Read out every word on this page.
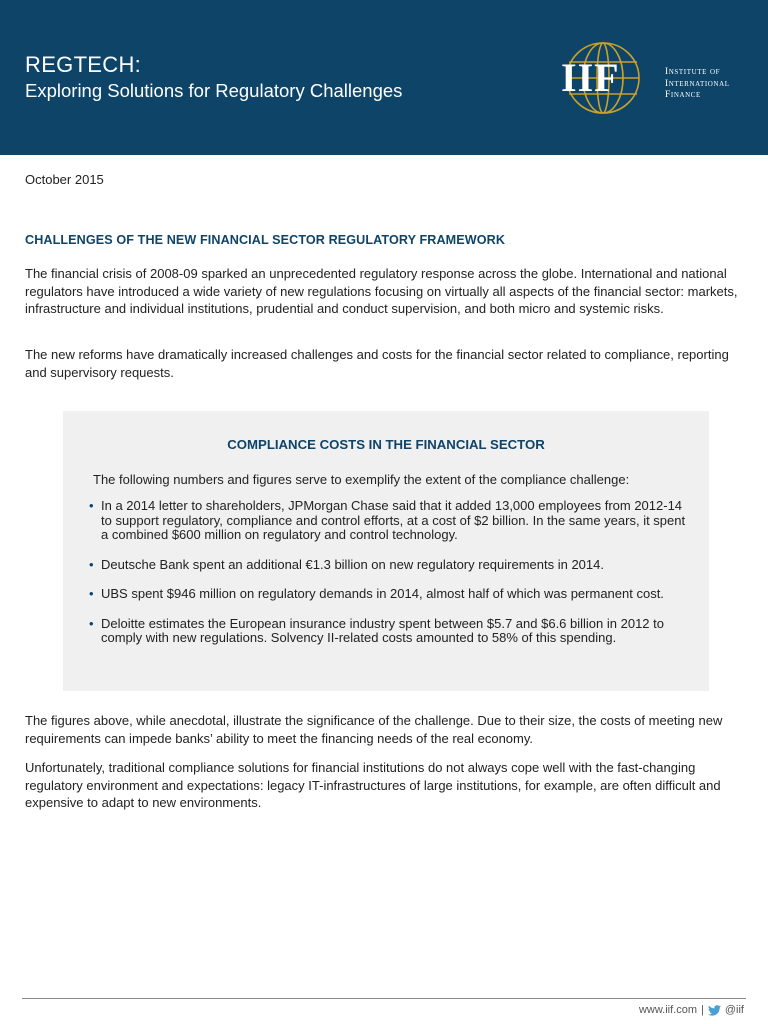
REGTECH:
Exploring Solutions for Regulatory Challenges	IIF	Institute of
International
Finance
October 2015
CHALLENGES OF THE NEW FINANCIAL SECTOR REGULATORY FRAMEWORK
The financial crisis of 2008-09 sparked an unprecedented regulatory response across the globe. International and national regulators have introduced a wide variety of new regulations focusing on virtually all aspects of the financial sector: markets, infrastructure and individual institutions, prudential and conduct supervision, and both micro and systemic risks.
The new reforms have dramatically increased challenges and costs for the financial sector related to compliance, reporting and supervisory requests.
COMPLIANCE COSTS IN THE FINANCIAL SECTOR
The following numbers and figures serve to exemplify the extent of the compliance challenge:
• In a 2014 letter to shareholders, JPMorgan Chase said that it added 13,000 employees from 2012-14 to support regulatory, compliance and control efforts, at a cost of $2 billion. In the same years, it spent a combined $600 million on regulatory and control technology.
• Deutsche Bank spent an additional €1.3 billion on new regulatory requirements in 2014.
• UBS spent $946 million on regulatory demands in 2014, almost half of which was permanent cost.
• Deloitte estimates the European insurance industry spent between $5.7 and $6.6 billion in 2012 to comply with new regulations. Solvency II-related costs amounted to 58% of this spending.
The figures above, while anecdotal, illustrate the significance of the challenge. Due to their size, the costs of meeting new requirements can impede banks’ ability to meet the financing needs of the real economy.
Unfortunately, traditional compliance solutions for financial institutions do not always cope well with the fast-changing regulatory environment and expectations: legacy IT-infrastructures of large institutions, for example, are often difficult and expensive to adapt to new environments.
www.iif.com | @iif
